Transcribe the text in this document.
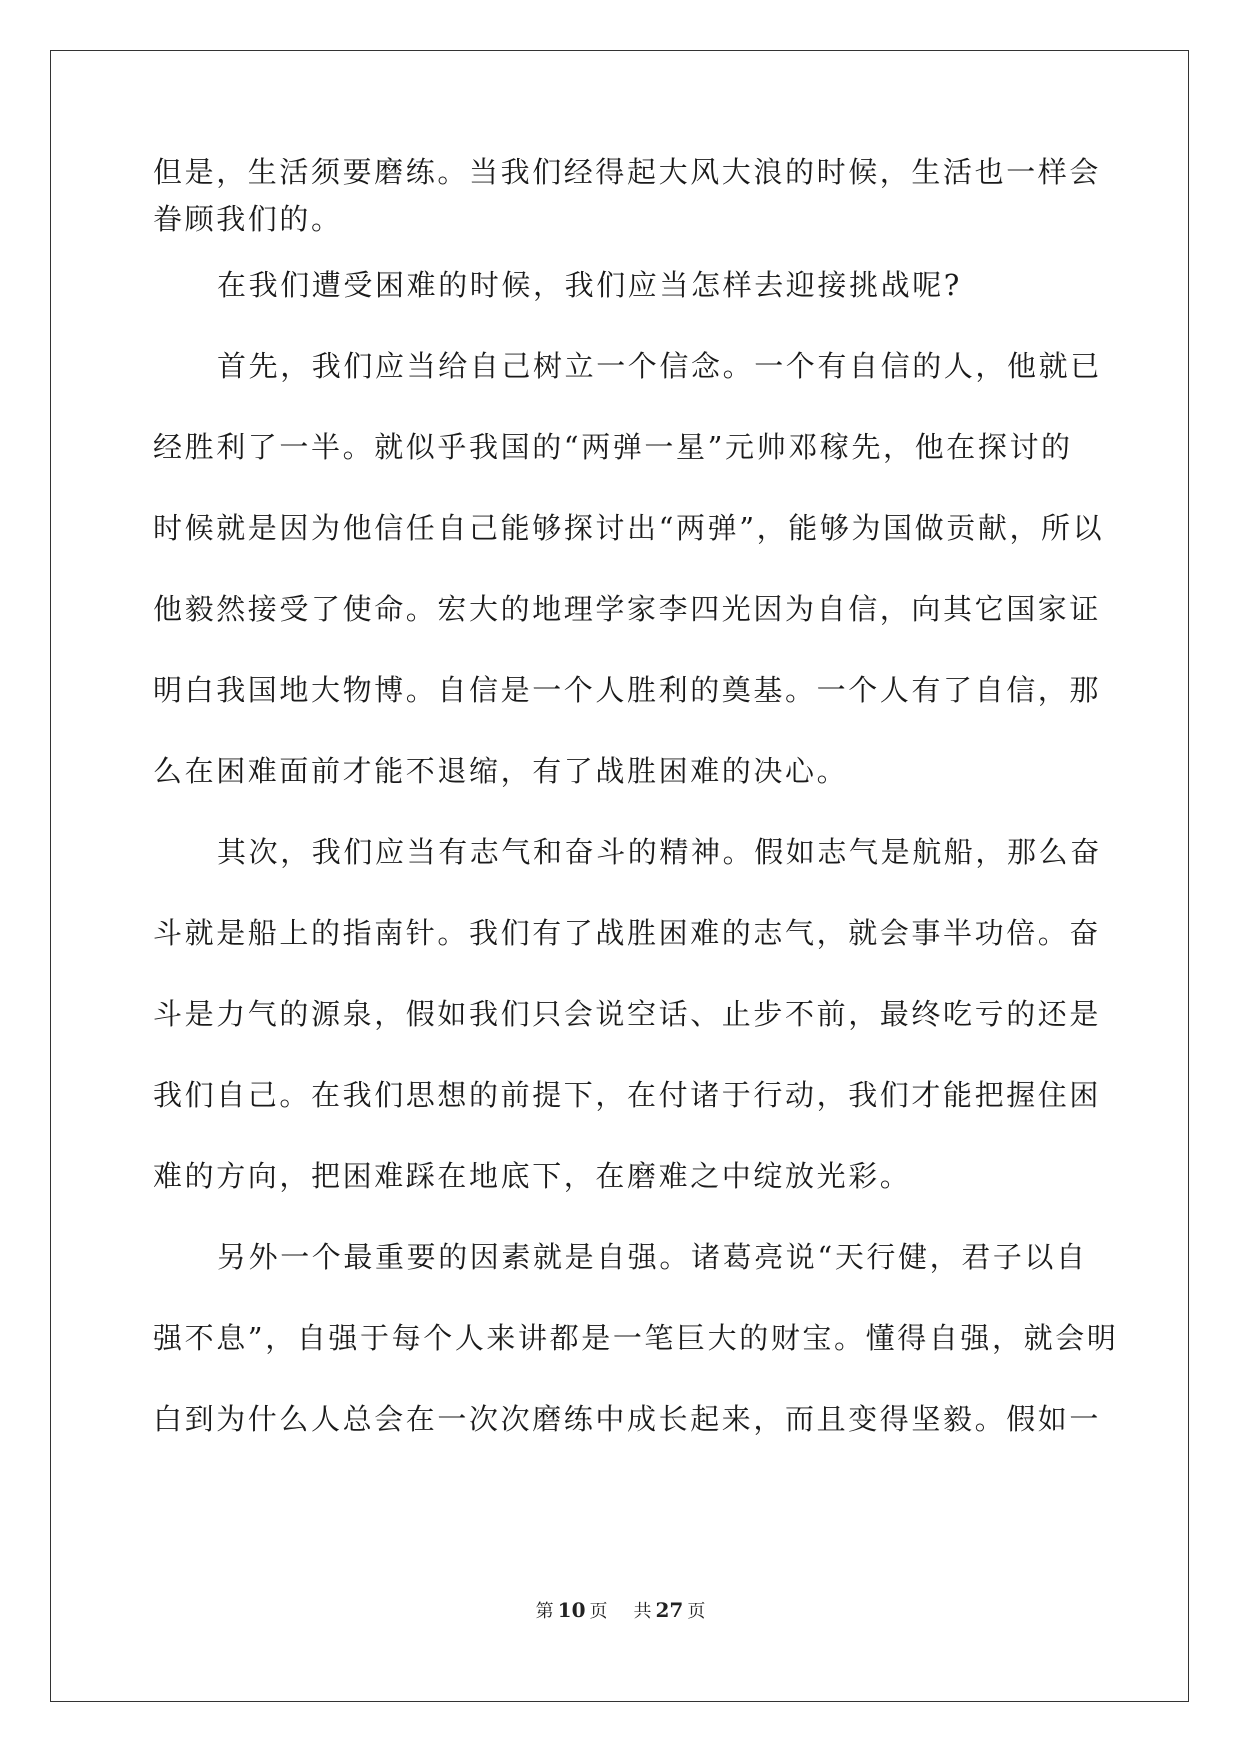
但是，生活须要磨练。当我们经得起大风大浪的时候，生活也一样会
眷顾我们的。
在我们遭受困难的时候，我们应当怎样去迎接挑战呢?
首先，我们应当给自己树立一个信念。一个有自信的人，他就已
经胜利了一半。就似乎我国的“两弹一星”元帅邓稼先，他在探讨的
时候就是因为他信任自己能够探讨出“两弹”，能够为国做贡献，所以
他毅然接受了使命。宏大的地理学家李四光因为自信，向其它国家证
明白我国地大物博。自信是一个人胜利的奠基。一个人有了自信，那
么在困难面前才能不退缩，有了战胜困难的决心。
其次，我们应当有志气和奋斗的精神。假如志气是航船，那么奋
斗就是船上的指南针。我们有了战胜困难的志气，就会事半功倍。奋
斗是力气的源泉，假如我们只会说空话、止步不前，最终吃亏的还是
我们自己。在我们思想的前提下，在付诸于行动，我们才能把握住困
难的方向，把困难踩在地底下，在磨难之中绽放光彩。
另外一个最重要的因素就是自强。诸葛亮说“天行健，君子以自
强不息”，自强于每个人来讲都是一笔巨大的财宝。懂得自强，就会明
白到为什么人总会在一次次磨练中成长起来，而且变得坚毅。假如一
第 10 页 共 27 页
